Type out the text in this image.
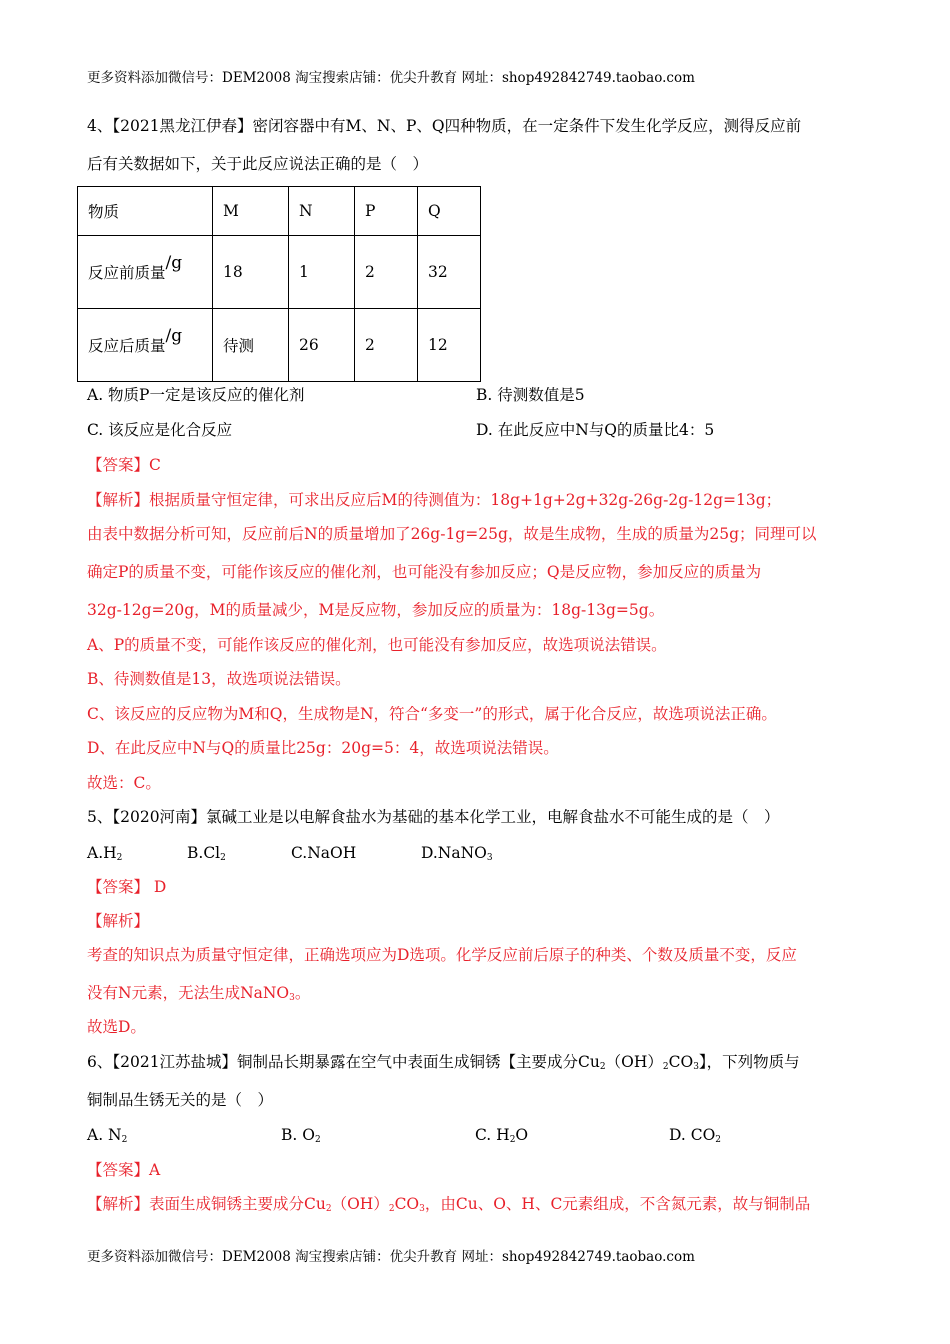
更多资料添加微信号：DEM2008 淘宝搜索店铺：优尖升教育 网址：shop492842749.taobao.com
4、【2021黑龙江伊春】密闭容器中有M、N、P、Q四种物质，在一定条件下发生化学反应，测得反应前
后有关数据如下，关于此反应说法正确的是（　）
物质	M	N	P	Q
反应前质量/g	18	1	2	32
反应后质量/g	待测	26	2	12
A. 物质P一定是该反应的催化剂	B. 待测数值是5
C. 该反应是化合反应	D. 在此反应中N与Q的质量比4：5
【答案】C
【解析】根据质量守恒定律，可求出反应后M的待测值为：18g+1g+2g+32g-26g-2g-12g=13g；
由表中数据分析可知，反应前后N的质量增加了26g-1g=25g，故是生成物，生成的质量为25g；同理可以
确定P的质量不变，可能作该反应的催化剂，也可能没有参加反应；Q是反应物，参加反应的质量为
32g-12g=20g，M的质量减少，M是反应物，参加反应的质量为：18g-13g=5g。
A、P的质量不变，可能作该反应的催化剂，也可能没有参加反应，故选项说法错误。
B、待测数值是13，故选项说法错误。
C、该反应的反应物为M和Q，生成物是N，符合“多变一”的形式，属于化合反应，故选项说法正确。
D、在此反应中N与Q的质量比25g：20g=5：4，故选项说法错误。
故选：C。
5、【2020河南】氯碱工业是以电解食盐水为基础的基本化学工业，电解食盐水不可能生成的是（　）
$A.H_2$	$B.Cl_2$	C.NaOH	D.NaNO$_3$
【答案】 D
【解析】
考查的知识点为质量守恒定律，正确选项应为D选项。化学反应前后原子的种类、个数及质量不变，反应
没有N元素，无法生成NaNO$_3$。
故选D。
6、【2021江苏盐城】铜制品长期暴露在空气中表面生成铜锈【主要成分$Cu_2(OH)_2CO_3$】，下列物质与
铜制品生锈无关的是（　）
A. $N_2$	B. $O_2$	C. $H_2O$	D. $CO_2$
【答案】A
【解析】表面生成铜锈主要成分$Cu_2(OH)_2CO_3$，由Cu、O、H、C元素组成，不含氮元素，故与铜制品
更多资料添加微信号：DEM2008 淘宝搜索店铺：优尖升教育 网址：shop492842749.taobao.com
